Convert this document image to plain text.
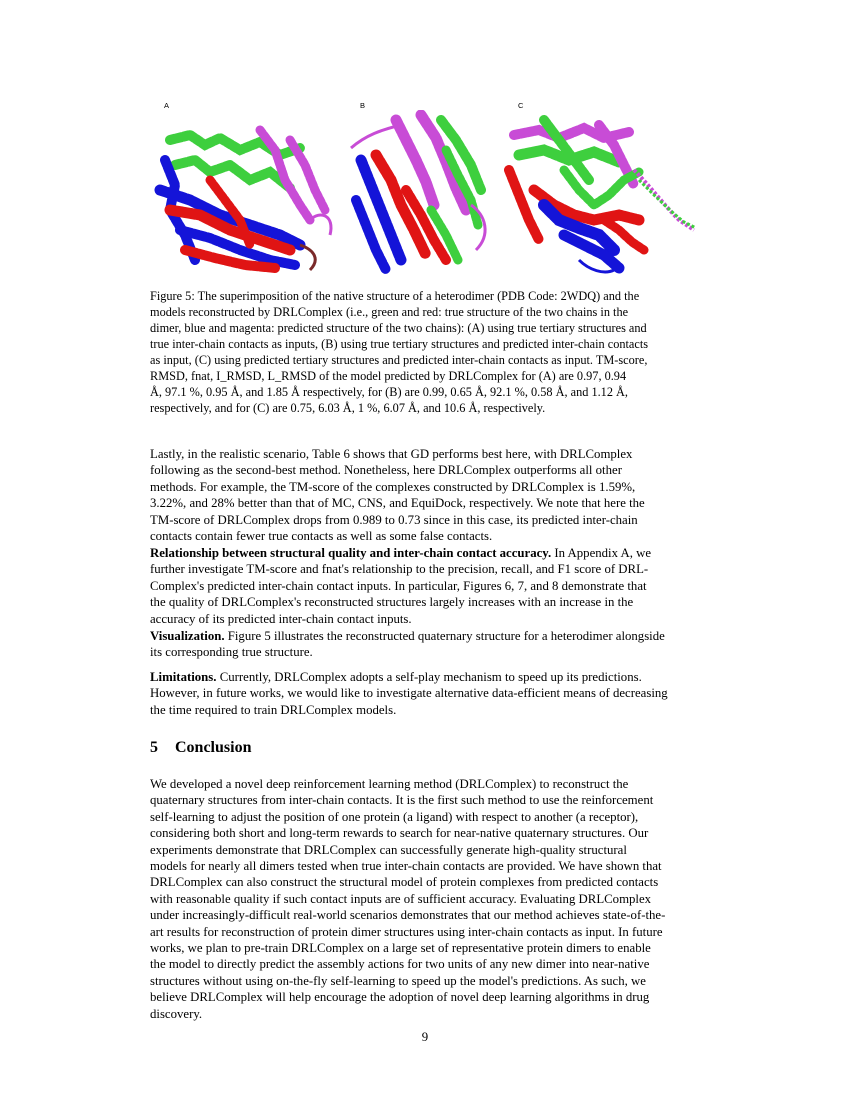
A	B	C
Figure 5: The superimposition of the native structure of a heterodimer (PDB Code: 2WDQ) and the
models reconstructed by DRLComplex (i.e., green and red: true structure of the two chains in the
dimer, blue and magenta: predicted structure of the two chains): (A) using true tertiary structures and
true inter-chain contacts as inputs, (B) using true tertiary structures and predicted inter-chain contacts
as input, (C) using predicted tertiary structures and predicted inter-chain contacts as input. TM-score,
RMSD, fnat, I_RMSD, L_RMSD of the model predicted by DRLComplex for (A) are 0.97, 0.94
Å, 97.1 %, 0.95 Å, and 1.85 Å respectively, for (B) are 0.99, 0.65 Å, 92.1 %, 0.58 Å, and 1.12 Å,
respectively, and for (C) are 0.75, 6.03 Å, 1 %, 6.07 Å, and 10.6 Å, respectively.
Lastly, in the realistic scenario, Table 6 shows that GD performs best here, with DRLComplex
following as the second-best method. Nonetheless, here DRLComplex outperforms all other
methods. For example, the TM-score of the complexes constructed by DRLComplex is 1.59%,
3.22%, and 28% better than that of MC, CNS, and EquiDock, respectively. We note that here the
TM-score of DRLComplex drops from 0.989 to 0.73 since in this case, its predicted inter-chain
contacts contain fewer true contacts as well as some false contacts.
Relationship between structural quality and inter-chain contact accuracy. In Appendix A, we
further investigate TM-score and fnat's relationship to the precision, recall, and F1 score of DRL-
Complex's predicted inter-chain contact inputs. In particular, Figures 6, 7, and 8 demonstrate that
the quality of DRLComplex's reconstructed structures largely increases with an increase in the
accuracy of its predicted inter-chain contact inputs.
Visualization. Figure 5 illustrates the reconstructed quaternary structure for a heterodimer alongside
its corresponding true structure.
Limitations. Currently, DRLComplex adopts a self-play mechanism to speed up its predictions.
However, in future works, we would like to investigate alternative data-efficient means of decreasing
the time required to train DRLComplex models.
5 Conclusion
We developed a novel deep reinforcement learning method (DRLComplex) to reconstruct the
quaternary structures from inter-chain contacts. It is the first such method to use the reinforcement
self-learning to adjust the position of one protein (a ligand) with respect to another (a receptor),
considering both short and long-term rewards to search for near-native quaternary structures. Our
experiments demonstrate that DRLComplex can successfully generate high-quality structural
models for nearly all dimers tested when true inter-chain contacts are provided. We have shown that
DRLComplex can also construct the structural model of protein complexes from predicted contacts
with reasonable quality if such contact inputs are of sufficient accuracy. Evaluating DRLComplex
under increasingly-difficult real-world scenarios demonstrates that our method achieves state-of-the-
art results for reconstruction of protein dimer structures using inter-chain contacts as input. In future
works, we plan to pre-train DRLComplex on a large set of representative protein dimers to enable
the model to directly predict the assembly actions for two units of any new dimer into near-native
structures without using on-the-fly self-learning to speed up the model's predictions. As such, we
believe DRLComplex will help encourage the adoption of novel deep learning algorithms in drug
discovery.
9
